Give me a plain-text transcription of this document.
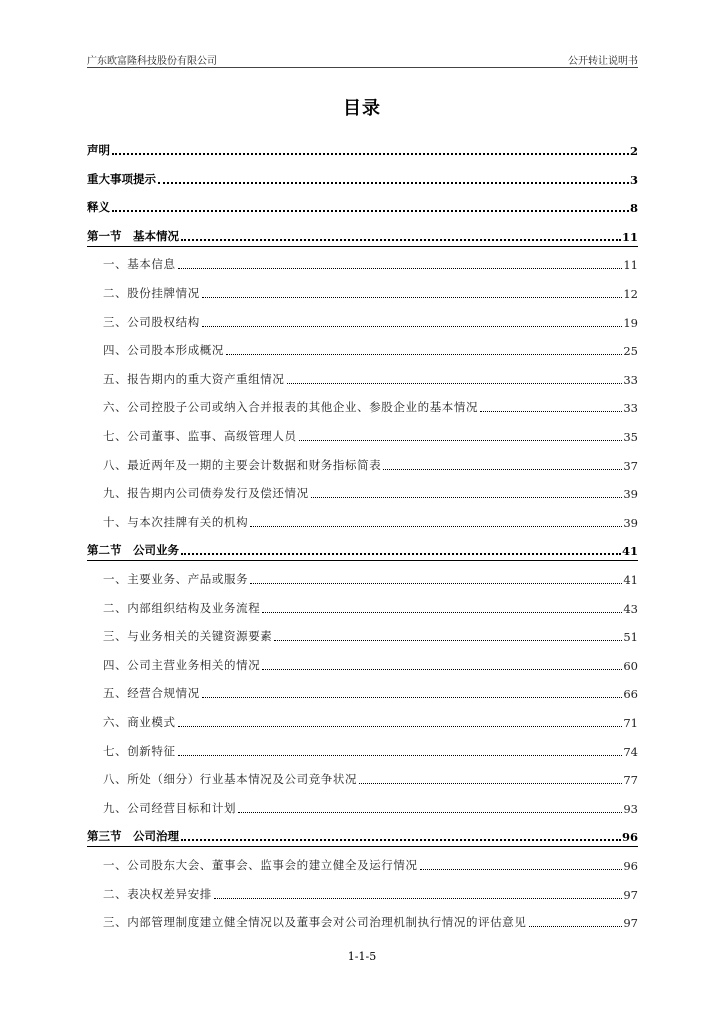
广东欧富隆科技股份有限公司	公开转让说明书
目录
声明	2
重大事项提示	3
释义	8
第一节　基本情况	11
一、基本信息	11
二、股份挂牌情况	12
三、公司股权结构	19
四、公司股本形成概况	25
五、报告期内的重大资产重组情况	33
六、公司控股子公司或纳入合并报表的其他企业、参股企业的基本情况	33
七、公司董事、监事、高级管理人员	35
八、最近两年及一期的主要会计数据和财务指标简表	37
九、报告期内公司债券发行及偿还情况	39
十、与本次挂牌有关的机构	39
第二节　公司业务	41
一、主要业务、产品或服务	41
二、内部组织结构及业务流程	43
三、与业务相关的关键资源要素	51
四、公司主营业务相关的情况	60
五、经营合规情况	66
六、商业模式	71
七、创新特征	74
八、所处（细分）行业基本情况及公司竞争状况	77
九、公司经营目标和计划	93
第三节　公司治理	96
一、公司股东大会、董事会、监事会的建立健全及运行情况	96
二、表决权差异安排	97
三、内部管理制度建立健全情况以及董事会对公司治理机制执行情况的评估意见	97
1-1-5
